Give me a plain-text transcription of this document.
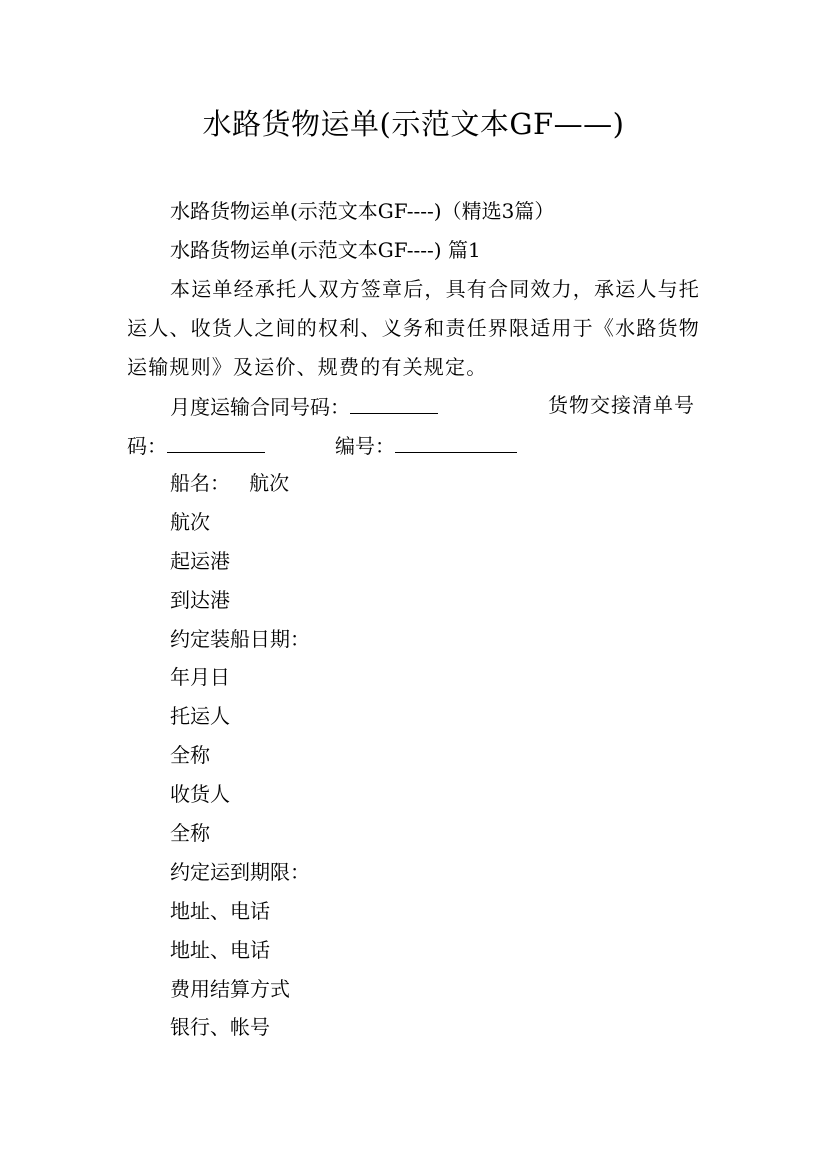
水路货物运单(示范文本GF——)
水路货物运单(示范文本GF----)（精选3篇）
水路货物运单(示范文本GF----) 篇1

本运单经承托人双方签章后，具有合同效力，承运人与托运人、收货人之间的权利、义务和责任界限适用于《水路货物运输规则》及运价、规费的有关规定。

月度运输合同号码：	货物交接清单号
码：	编号：
船名：   航次
航次
起运港
到达港
约定装船日期：
年月日
托运人
全称
收货人
全称
约定运到期限：
地址、电话
地址、电话
费用结算方式
银行、帐号
